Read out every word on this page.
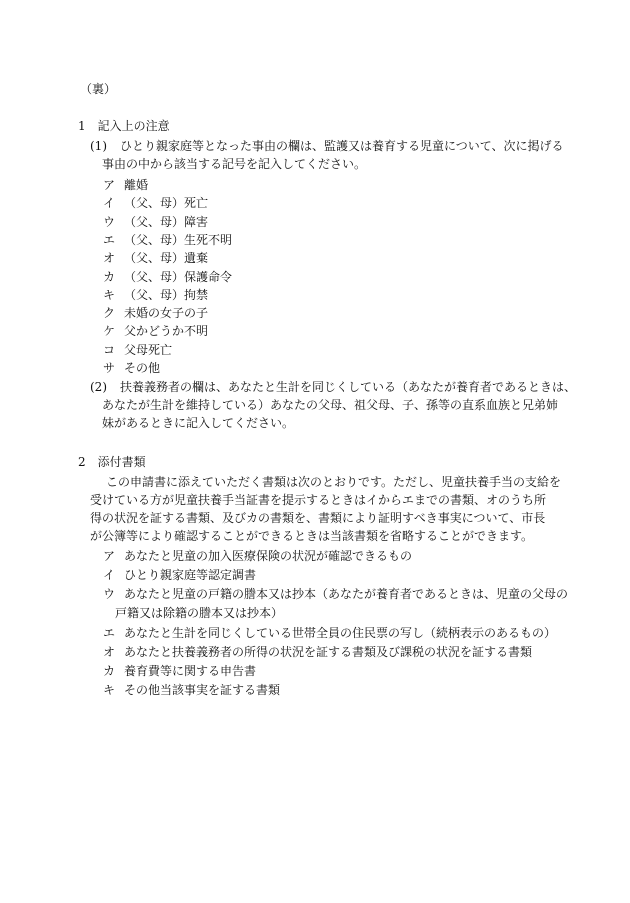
（裏）
1　記入上の注意
(1) ひとり親家庭等となった事由の欄は、監護又は養育する児童について、次に掲げる
事由の中から該当する記号を記入してください。
ア 離婚
イ （父、母）死亡
ウ （父、母）障害
エ （父、母）生死不明
オ （父、母）遺棄
カ （父、母）保護命令
キ （父、母）拘禁
ク 未婚の女子の子
ケ 父かどうか不明
コ 父母死亡
サ その他
(2) 扶養義務者の欄は、あなたと生計を同じくしている（あなたが養育者であるときは、
あなたが生計を維持している）あなたの父母、祖父母、子、孫等の直系血族と兄弟姉
妹があるときに記入してください。
2　添付書類
この申請書に添えていただく書類は次のとおりです。ただし、児童扶養手当の支給を
受けている方が児童扶養手当証書を提示するときはイからエまでの書類、オのうち所
得の状況を証する書類、及びカの書類を、書類により証明すべき事実について、市長
が公簿等により確認することができるときは当該書類を省略することができます。
ア あなたと児童の加入医療保険の状況が確認できるもの
イ ひとり親家庭等認定調書
ウ あなたと児童の戸籍の謄本又は抄本（あなたが養育者であるときは、児童の父母の
戸籍又は除籍の謄本又は抄本）
エ あなたと生計を同じくしている世帯全員の住民票の写し（続柄表示のあるもの）
オ あなたと扶養義務者の所得の状況を証する書類及び課税の状況を証する書類
カ 養育費等に関する申告書
キ その他当該事実を証する書類
